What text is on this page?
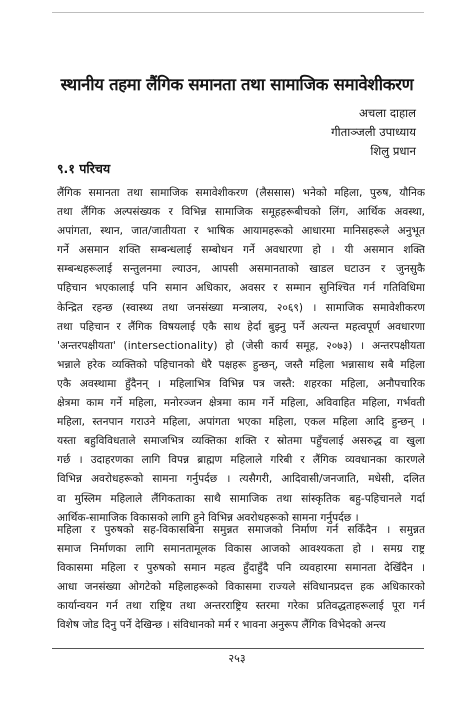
स्थानीय तहमा लैंगिक समानता तथा सामाजिक समावेशीकरण
अचला दाहाल
गीताञ्जली उपाध्याय
शिलु प्रधान
९.१ परिचय
लैंगिक समानता तथा सामाजिक समावेशीकरण (लैससास) भनेको महिला, पुरुष, यौनिक
तथा लैंगिक अल्पसंख्यक र विभिन्न सामाजिक समूहहरूबीचको लिंग, आर्थिक अवस्था,
अपांगता, स्थान, जात/जातीयता र भाषिक आयामहरूको आधारमा मानिसहरूले अनुभूत
गर्ने असमान शक्ति सम्बन्धलाई सम्बोधन गर्ने अवधारणा हो । यी असमान शक्ति
सम्बन्धहरूलाई सन्तुलनमा ल्याउन, आपसी असमानताको खाडल घटाउन र जुनसुकै
पहिचान भएकालाई पनि समान अधिकार, अवसर र सम्मान सुनिश्चित गर्न गतिविधिमा
केन्द्रित रहन्छ (स्वास्थ्य तथा जनसंख्या मन्त्रालय, २०६९) । सामाजिक समावेशीकरण
तथा पहिचान र लैंगिक विषयलाई एकै साथ हेर्दा बुझ्नु पर्ने अत्यन्त महत्वपूर्ण अवधारणा
'अन्तरपक्षीयता' (intersectionality) हो (जेसी कार्य समूह, २०७३) । अन्तरपक्षीयता
भन्नाले हरेक व्यक्तिको पहिचानको धेरै पक्षहरू हुन्छन्, जस्तै महिला भन्नासाथ सबै महिला
एकै अवस्थामा हुँदैनन् । महिलाभित्र विभिन्न पत्र जस्तै: शहरका महिला, अनौपचारिक
क्षेत्रमा काम गर्ने महिला, मनोरञ्जन क्षेत्रमा काम गर्ने महिला, अविवाहित महिला, गर्भवती
महिला, स्तनपान गराउने महिला, अपांगता भएका महिला, एकल महिला आदि हुन्छन् ।
यस्ता बहुविविधताले समाजभित्र व्यक्तिका शक्ति र स्रोतमा पहुँचलाई असरुद्ध वा खुला
गर्छ । उदाहरणका लागि विपन्न ब्राह्मण महिलाले गरिबी र लैंगिक व्यवधानका कारणले
विभिन्न अवरोधहरूको सामना गर्नुपर्दछ । त्यसैगरी, आदिवासी/जनजाति, मधेसी, दलित
वा मुस्लिम महिलाले लैंगिकताका साथै सामाजिक तथा सांस्कृतिक बहु-पहिचानले गर्दा
आर्थिक-सामाजिक विकासको लागि हुने विभिन्न अवरोधहरूको सामना गर्नुपर्दछ ।
महिला र पुरुषको सह-विकासबिना समुन्नत समाजको निर्माण गर्न सकिँदैन । समुन्नत
समाज निर्माणका लागि समानतामूलक विकास आजको आवश्यकता हो । समग्र राष्ट्र
विकासमा महिला र पुरुषको समान महत्व हुँदाहुँदै पनि व्यवहारमा समानता देखिँदैन ।
आधा जनसंख्या ओगटेको महिलाहरूको विकासमा राज्यले संविधानप्रदत्त हक अधिकारको
कार्यान्वयन गर्न तथा राष्ट्रिय तथा अन्तरराष्ट्रिय स्तरमा गरेका प्रतिवद्धताहरूलाई पूरा गर्न
विशेष जोड दिनु पर्ने देखिन्छ । संविधानको मर्म र भावना अनुरूप लैंगिक विभेदको अन्त्य
२५३
